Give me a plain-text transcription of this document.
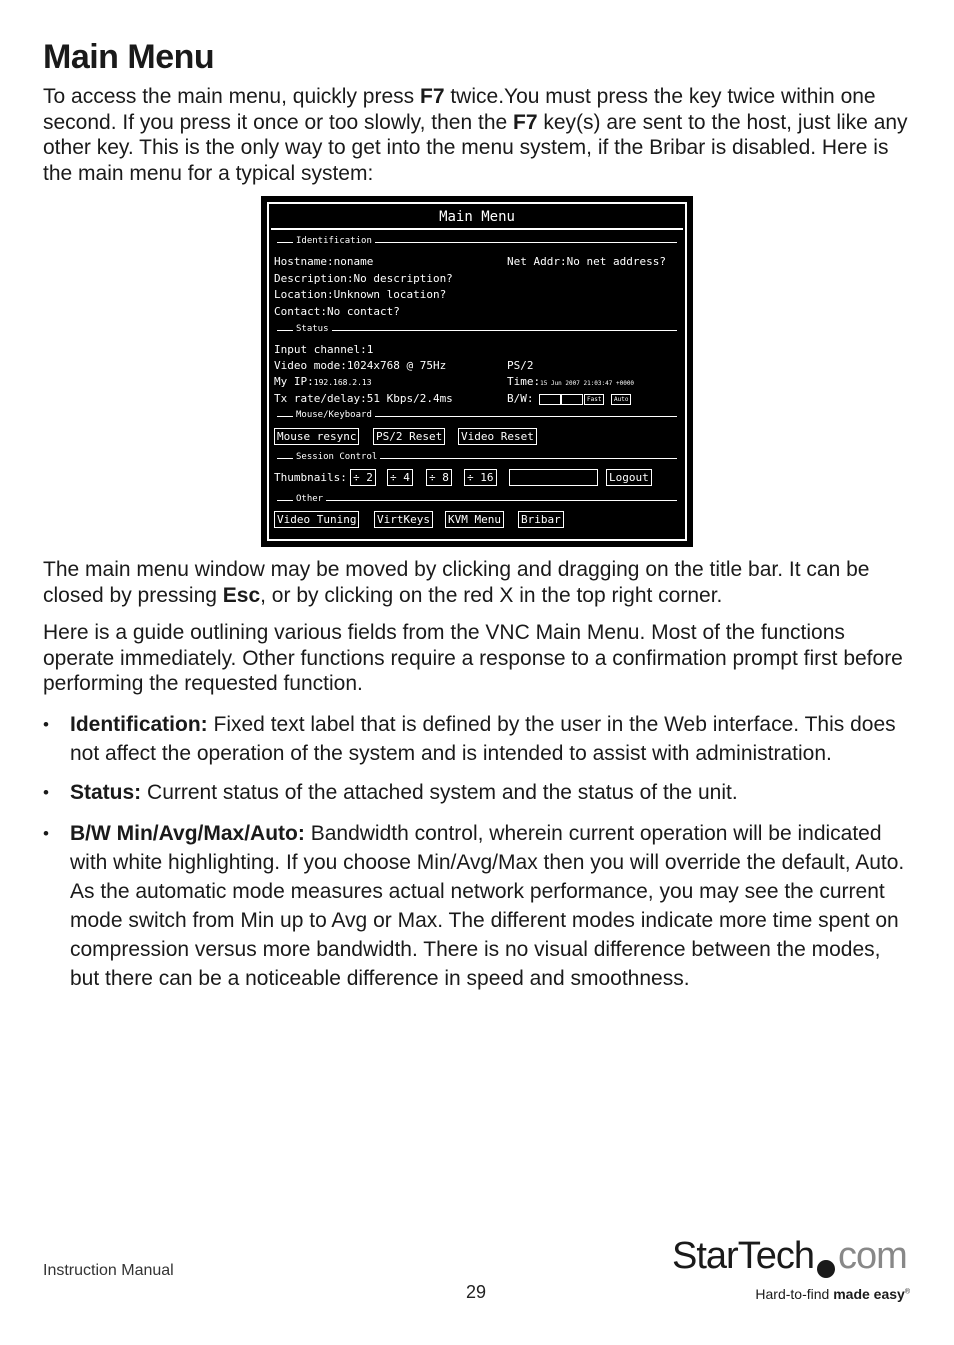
Main Menu

To access the main menu, quickly press F7 twice.You must press the key twice within one second. If you press it once or too slowly, then the F7 key(s) are sent to the host, just like any other key. This is the only way to get into the menu system, if the Bribar is disabled. Here is the main menu for a typical system:

Main Menu
Identification
Hostname:noname	Net Addr:No net address?
Description:No description?
Location:Unknown location?
Contact:No contact?
Status
Input channel:1
Video mode:1024x768 @ 75Hz	PS/2
My IP:192.168.2.13	Time:15 Jun 2007 21:03:47 +0000
Tx rate/delay:51 Kbps/2.4ms	B/W:	Fast	Auto
Mouse/Keyboard
Mouse resync PS/2 Reset Video Reset
Session Control
Thumbnails: ÷ 2 ÷ 4 ÷ 8 ÷ 16	Logout
Other
Video Tuning VirtKeys KVM Menu Bribar

The main menu window may be moved by clicking and dragging on the title bar. It can be closed by pressing Esc, or by clicking on the red X in the top right corner.

Here is a guide outlining various fields from the VNC Main Menu. Most of the functions operate immediately. Other functions require a response to a confirmation prompt first before performing the requested function.

• Identification: Fixed text label that is defined by the user in the Web interface. This does not affect the operation of the system and is intended to assist with administration.
• Status: Current status of the attached system and the status of the unit.
• B/W Min/Avg/Max/Auto: Bandwidth control, wherein current operation will be indicated with white highlighting. If you choose Min/Avg/Max then you will override the default, Auto. As the automatic mode measures actual network performance, you may see the current mode switch from Min up to Avg or Max. The different modes indicate more time spent on compression versus more bandwidth. There is no visual difference between the modes, but there can be a noticeable difference in speed and smoothness.
Instruction Manual
29
StarTech com
Hard-to-find made easy®
